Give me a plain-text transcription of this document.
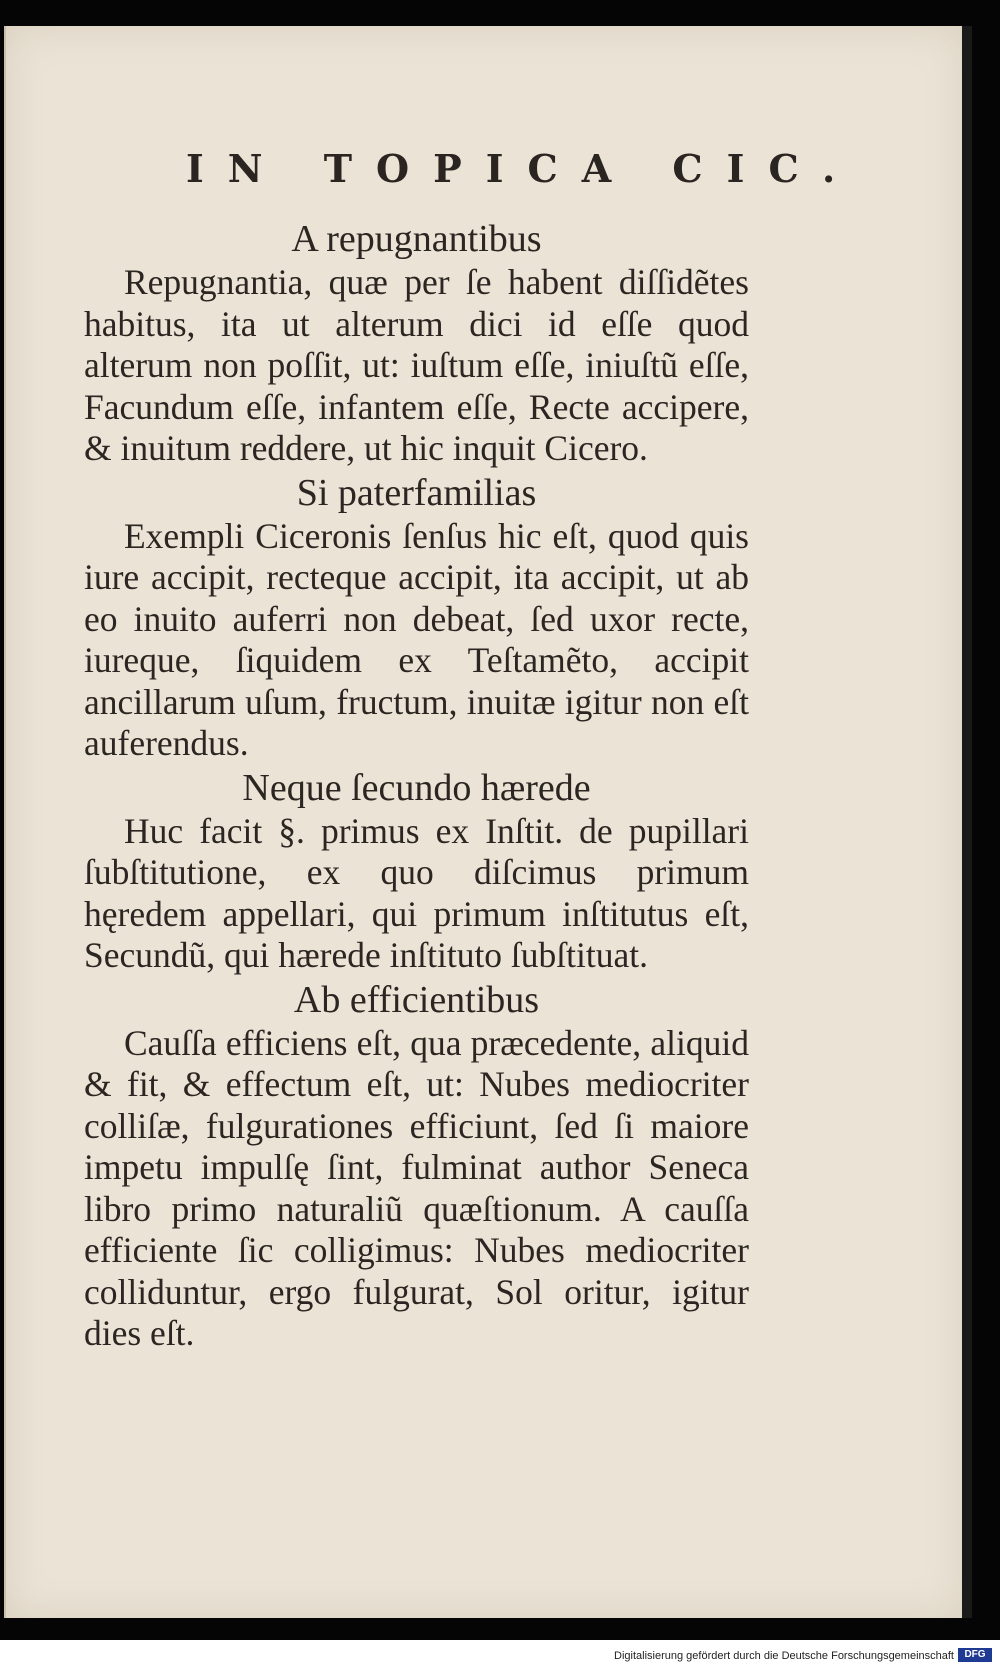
IN TOPICA CIC.
A repugnantibus

Repugnantia, quæ per ſe habent diſſidẽtes habitus, ita ut alterum dici id eſſe quod alterum non poſſit, ut: iuſtum eſſe, iniuſtũ eſſe, Facundum eſſe, infantem eſſe, Recte accipere, & inuitum reddere, ut hic inquit Cicero.

Si paterfamilias

Exempli Ciceronis ſenſus hic eſt, quod quis iure accipit, recteque accipit, ita accipit, ut ab eo inuito auferri non debeat, ſed uxor recte, iureque, ſiquidem ex Teſtamẽto, accipit ancillarum uſum, fructum, inuitæ igitur non eſt auferendus.

Neque ſecundo hærede

Huc facit §. primus ex Inſtit. de pupillari ſubſtitutione, ex quo diſcimus primum hęredem appellari, qui primum inſtitutus eſt, Secundũ, qui hærede inſtituto ſubſtituat.

Ab efficientibus

Cauſſa efficiens eſt, qua præcedente, aliquid & fit, & effectum eſt, ut: Nubes mediocriter colliſæ, fulgurationes efficiunt, ſed ſi maiore impetu impulſę ſint, fulminat author Seneca libro primo naturaliũ quæſtionum. A cauſſa efficiente ſic colligimus: Nubes mediocriter colliduntur, ergo fulgurat, Sol oritur, igitur dies eſt.

Digitalisierung gefördert durch die Deutsche Forschungsgemeinschaft	DFG
